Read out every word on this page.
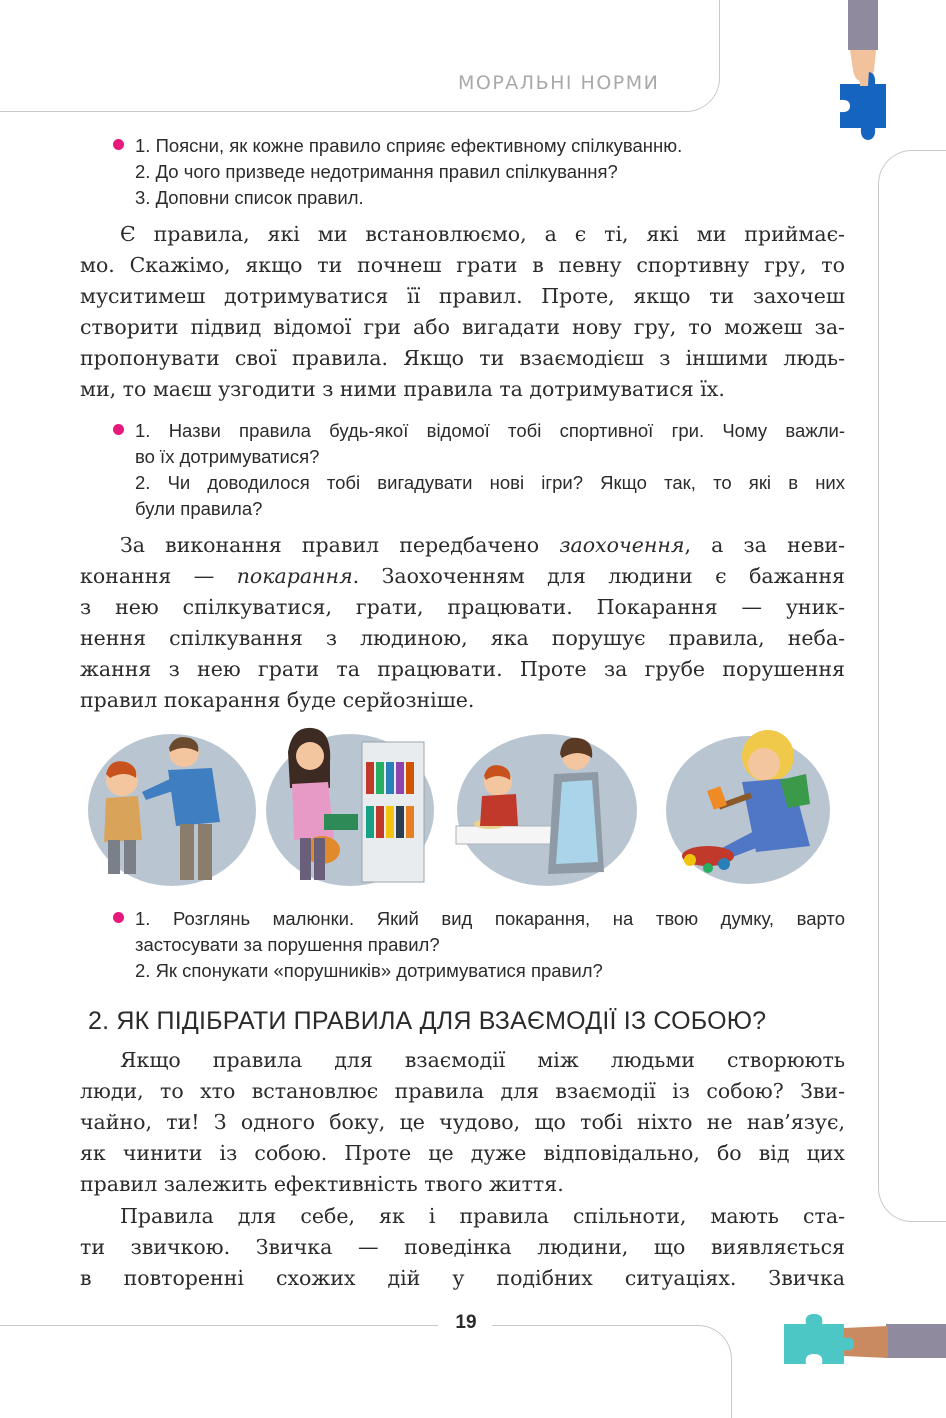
МОРАЛЬНІ НОРМИ
1. Поясни, як кожне правило сприяє ефективному спілкуванню.
2. До чого призведе недотримання правил спілкування?
3. Доповни список правил.
Є правила, які ми встановлюємо, а є ті, які ми приймає-
мо. Скажімо, якщо ти почнеш грати в певну спортивну гру, то
муситимеш дотримуватися її правил. Проте, якщо ти захочеш
створити підвид відомої гри або вигадати нову гру, то можеш за-
пропонувати свої правила. Якщо ти взаємодієш з іншими людь-
ми, то маєш узгодити з ними правила та дотримуватися їх.
1. Назви правила будь-якої відомої тобі спортивної гри. Чому важли-
во їх дотримуватися?
2. Чи доводилося тобі вигадувати нові ігри? Якщо так, то які в них
були правила?
За виконання правил передбачено заохочення, а за неви-
конання — покарання. Заохоченням для людини є бажання
з нею спілкуватися, грати, працювати. Покарання — уник-
нення спілкування з людиною, яка порушує правила, неба-
жання з нею грати та працювати. Проте за грубе порушення
правил покарання буде серйозніше.
1. Розглянь малюнки. Який вид покарання, на твою думку, варто
застосувати за порушення правил?
2. Як спонукати «порушників» дотримуватися правил?
2. ЯК ПІДІБРАТИ ПРАВИЛА ДЛЯ ВЗАЄМОДІЇ ІЗ СОБОЮ?
Якщо правила для взаємодії між людьми створюють
люди, то хто встановлює правила для взаємодії із собою? Зви-
чайно, ти! З одного боку, це чудово, що тобі ніхто не нав’язує,
як чинити із собою. Проте це дуже відповідально, бо від цих
правил залежить ефективність твого життя.
Правила для себе, як і правила спільноти, мають ста-
ти звичкою. Звичка — поведінка людини, що виявляється
в повторенні схожих дій у подібних ситуаціях. Звичка
19
